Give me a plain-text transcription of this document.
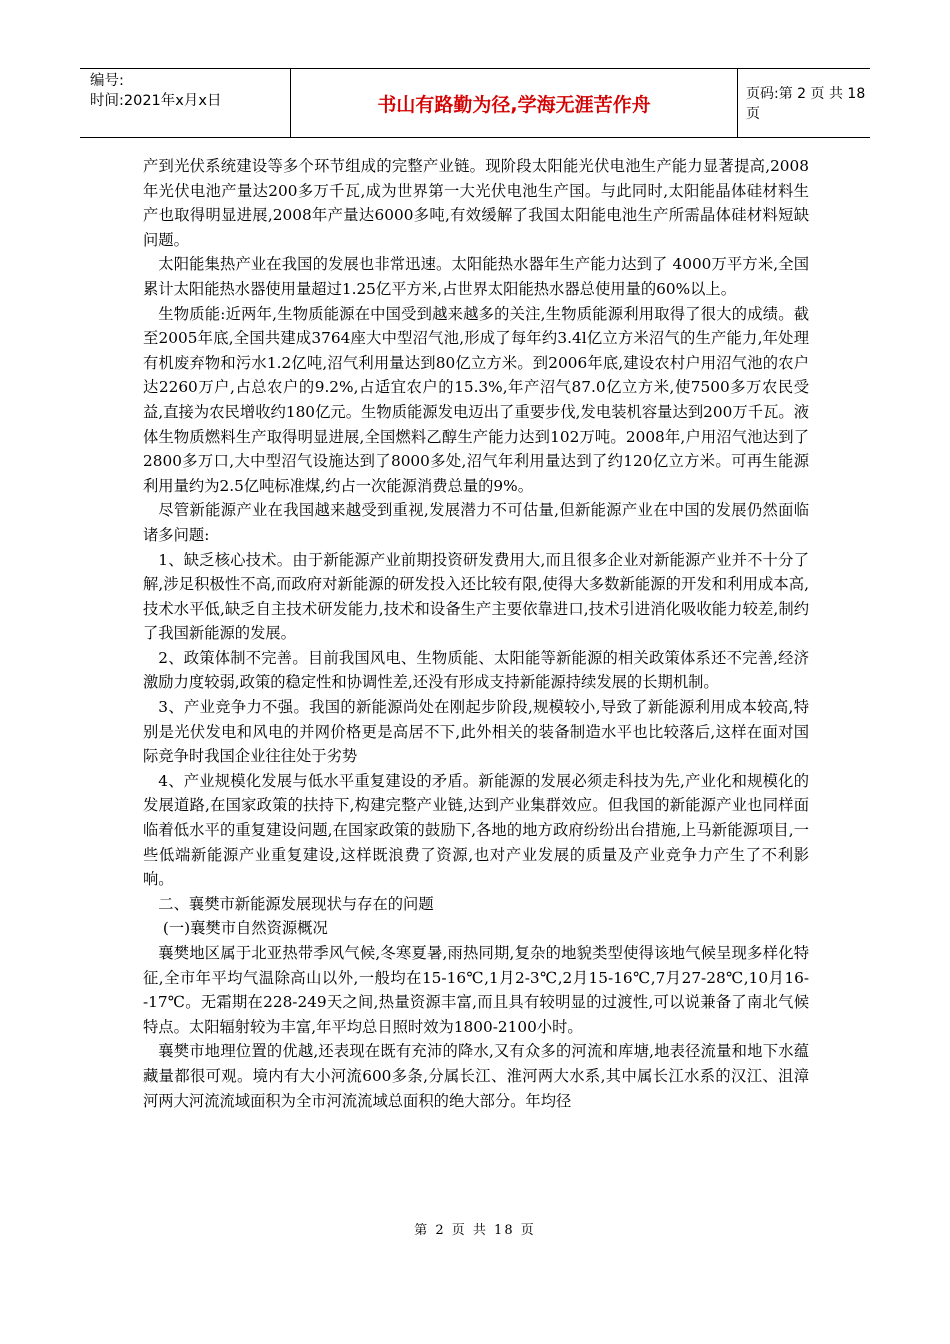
编号:
时间:2021年x月x日	书山有路勤为径,学海无涯苦作舟	页码:第 2 页 共 18 页

产到光伏系统建设等多个环节组成的完整产业链。现阶段太阳能光伏电池生产能力显著提高,2008年光伏电池产量达200多万千瓦,成为世界第一大光伏电池生产国。与此同时,太阳能晶体硅材料生产也取得明显进展,2008年产量达6000多吨,有效缓解了我国太阳能电池生产所需晶体硅材料短缺问题。

太阳能集热产业在我国的发展也非常迅速。太阳能热水器年生产能力达到了 4000万平方米,全国累计太阳能热水器使用量超过1.25亿平方米,占世界太阳能热水器总使用量的60%以上。

生物质能:近两年,生物质能源在中国受到越来越多的关注,生物质能源利用取得了很大的成绩。截至2005年底,全国共建成3764座大中型沼气池,形成了每年约3.4l亿立方米沼气的生产能力,年处理有机废弃物和污水1.2亿吨,沼气利用量达到80亿立方米。到2006年底,建设农村户用沼气池的农户达2260万户,占总农户的9.2%,占适宜农户的15.3%,年产沼气87.0亿立方米,使7500多万农民受益,直接为农民增收约180亿元。生物质能源发电迈出了重要步伐,发电装机容量达到200万千瓦。液体生物质燃料生产取得明显进展,全国燃料乙醇生产能力达到102万吨。2008年,户用沼气池达到了2800多万口,大中型沼气设施达到了8000多处,沼气年利用量达到了约120亿立方米。可再生能源利用量约为2.5亿吨标准煤,约占一次能源消费总量的9%。

尽管新能源产业在我国越来越受到重视,发展潜力不可估量,但新能源产业在中国的发展仍然面临诸多问题:

1、缺乏核心技术。由于新能源产业前期投资研发费用大,而且很多企业对新能源产业并不十分了解,涉足积极性不高,而政府对新能源的研发投入还比较有限,使得大多数新能源的开发和利用成本高,技术水平低,缺乏自主技术研发能力,技术和设备生产主要依靠进口,技术引进消化吸收能力较差,制约了我国新能源的发展。

2、政策体制不完善。目前我国风电、生物质能、太阳能等新能源的相关政策体系还不完善,经济激励力度较弱,政策的稳定性和协调性差,还没有形成支持新能源持续发展的长期机制。

3、产业竞争力不强。我国的新能源尚处在刚起步阶段,规模较小,导致了新能源利用成本较高,特别是光伏发电和风电的并网价格更是高居不下,此外相关的装备制造水平也比较落后,这样在面对国际竞争时我国企业往往处于劣势

4、产业规模化发展与低水平重复建设的矛盾。新能源的发展必须走科技为先,产业化和规模化的发展道路,在国家政策的扶持下,构建完整产业链,达到产业集群效应。但我国的新能源产业也同样面临着低水平的重复建设问题,在国家政策的鼓励下,各地的地方政府纷纷出台措施,上马新能源项目,一些低端新能源产业重复建设,这样既浪费了资源,也对产业发展的质量及产业竞争力产生了不利影响。

二、襄樊市新能源发展现状与存在的问题

(一)襄樊市自然资源概况

襄樊地区属于北亚热带季风气候,冬寒夏暑,雨热同期,复杂的地貌类型使得该地气候呈现多样化特征,全市年平均气温除高山以外,一般均在15-16℃,1月2-3℃,2月15-16℃,7月27-28℃,10月16--17℃。无霜期在228-249天之间,热量资源丰富,而且具有较明显的过渡性,可以说兼备了南北气候特点。太阳辐射较为丰富,年平均总日照时效为1800-2100小时。

襄樊市地理位置的优越,还表现在既有充沛的降水,又有众多的河流和库塘,地表径流量和地下水蕴藏量都很可观。境内有大小河流600多条,分属长江、淮河两大水系,其中属长江水系的汉江、沮漳河两大河流流域面积为全市河流流域总面积的绝大部分。年均径

第 2 页 共 18 页
